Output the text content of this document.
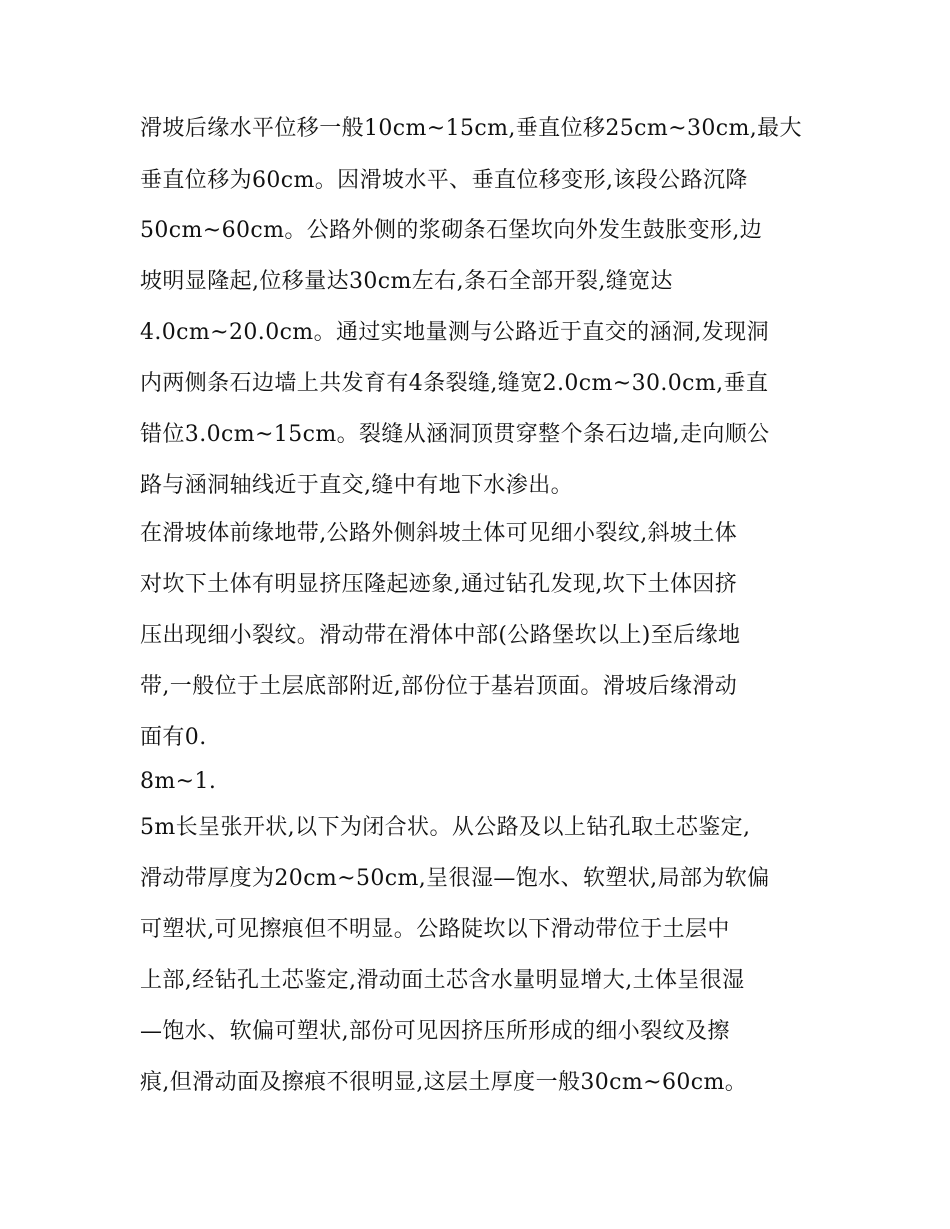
滑坡后缘水平位移一般10cm~15cm,垂直位移25cm~30cm,最大
垂直位移为60cm。因滑坡水平、垂直位移变形,该段公路沉降
50cm~60cm。公路外侧的浆砌条石堡坎向外发生鼓胀变形,边
坡明显隆起,位移量达30cm左右,条石全部开裂,缝宽达
4.0cm~20.0cm。通过实地量测与公路近于直交的涵洞,发现洞
内两侧条石边墙上共发育有4条裂缝,缝宽2.0cm~30.0cm,垂直
错位3.0cm~15cm。裂缝从涵洞顶贯穿整个条石边墙,走向顺公
路与涵洞轴线近于直交,缝中有地下水渗出。
在滑坡体前缘地带,公路外侧斜坡土体可见细小裂纹,斜坡土体
对坎下土体有明显挤压隆起迹象,通过钻孔发现,坎下土体因挤
压出现细小裂纹。滑动带在滑体中部(公路堡坎以上)至后缘地
带,一般位于土层底部附近,部份位于基岩顶面。滑坡后缘滑动
面有0.
8m~1.
5m长呈张开状,以下为闭合状。从公路及以上钻孔取土芯鉴定,
滑动带厚度为20cm~50cm,呈很湿—饱水、软塑状,局部为软偏
可塑状,可见擦痕但不明显。公路陡坎以下滑动带位于土层中
上部,经钻孔土芯鉴定,滑动面土芯含水量明显增大,土体呈很湿
—饱水、软偏可塑状,部份可见因挤压所形成的细小裂纹及擦
痕,但滑动面及擦痕不很明显,这层土厚度一般30cm~60cm。
